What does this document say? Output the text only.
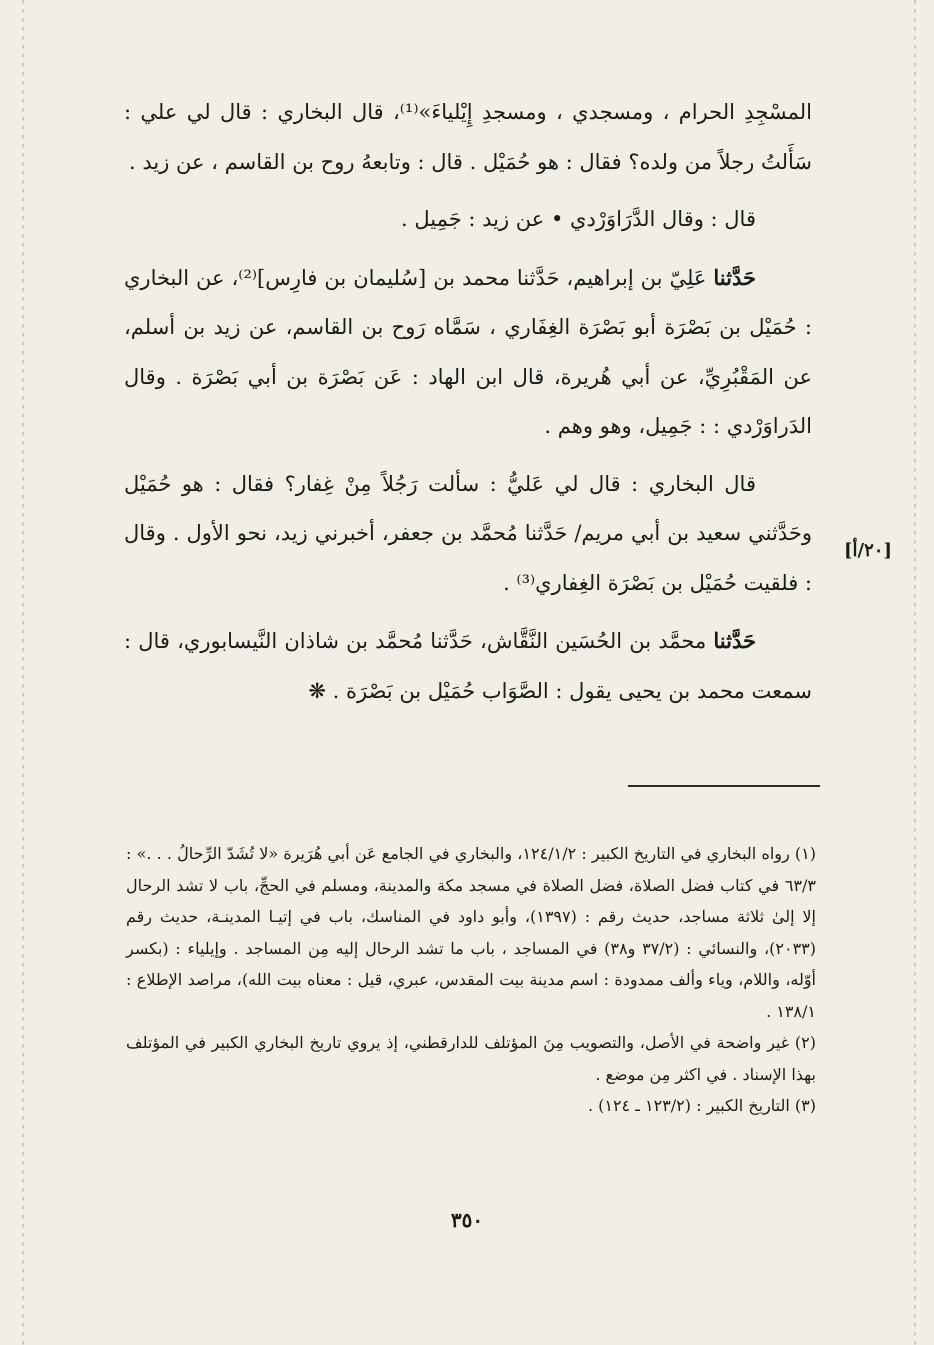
المسْجِدِ الحرام ، ومسجدي ، ومسجدِ إِيْلياءَ»⁽¹⁾، قال البخاري : قال لي علي : سَأَلتُ رجلاً من ولده؟ فقال : هو حُمَيْل . قال : وتابعهُ روح بن القاسم ، عن زيد .

قال : وقال الدَّرَاوَرْدي • عن زيد : جَمِيل .

حَدَّثنا عَلِيّ بن إبراهيم، حَدَّثنا محمد بن [سُليمان بن فارِس]⁽²⁾، عن البخاري : حُمَيْل بن بَصْرَة أبو بَصْرَة الغِفَاري ، سَمَّاه رَوح بن القاسم، عن زيد بن أسلم، عن المَقْبُرِيِّ، عن أبي هُريرة، قال ابن الهاد : عَن بَصْرَة بن أبي بَصْرَة . وقال الدَراوَرْدي : : جَمِيل، وهو وهم .

قال البخاري : قال لي عَليُّ : سألت رَجُلاً مِنْ غِفار؟ فقال : هو حُمَيْل وحَدَّثني سعيد بن أبي مريم/ حَدَّثنا مُحمَّد بن جعفر، أخبرني زيد، نحو الأول . وقال : فلقيت حُمَيْل بن بَصْرَة الغِفاري⁽³⁾ .

حَدَّثنا محمَّد بن الحُسَين النَّقَّاش، حَدَّثنا مُحمَّد بن شاذان النَّيسابوري، قال : سمعت محمد بن يحيى يقول : الصَّوَاب حُمَيْل بن بَصْرَة . ❋

[٢٠/أ]

(١) رواه البخاري في التاريخ الكبير : ١٢٤/١/٢، والبخاري في الجامع عَن أبي هُرَيرة «لا تُشَدّ الرِّحالُ . . .» : ٦٣/٣ في كتاب فضل الصلاة، فضل الصلاة في مسجد مكة والمدينة، ومسلم في الحجِّ، باب لا تشد الرحال إلا إلىٰ ثلاثة مساجد، حديث رقم : (١٣٩٧)، وأبو داود في المناسك، باب في إتيـا المدينـة، حديث رقم (٢٠٣٣)، والنسائي : (٣٧/٢ و٣٨) في المساجد ، باب ما تشد الرحال إليه مِن المساجد . وإيلياء : (بكسر أوّله، واللام، وياء وألف ممدودة : اسم مدينة بيت المقدس، عبري، قيل : معناه بيت الله)، مراصد الإطلاع : ١٣٨/١ .

(٢) غير واضحة في الأصل، والتصويب مِنَ المؤتلف للدارقطني، إذ يروي تاريخ البخاري الكبير في المؤتلف بهذا الإسناد . في اكثر مِن موضع .

(٣) التاريخ الكبير : (١٢٣/٢ ـ ١٢٤) .

٣٥٠
